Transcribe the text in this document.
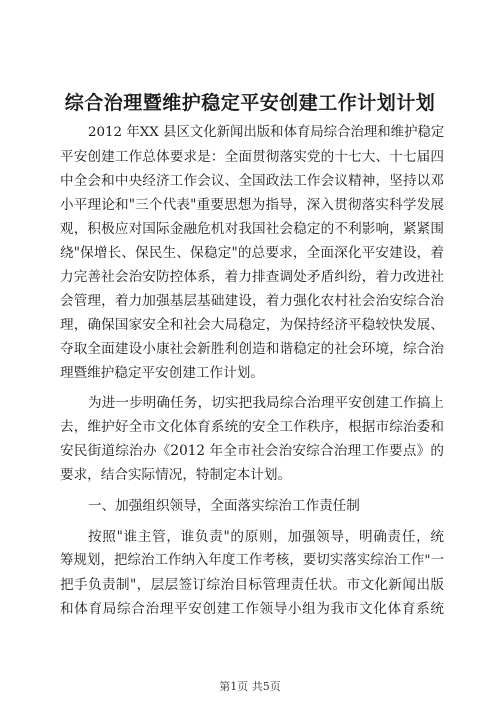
综合治理暨维护稳定平安创建工作计划计划
2012 年XX 县区文化新闻出版和体育局综合治理和维护稳定
平安创建工作总体要求是：全面贯彻落实党的十七大、十七届四
中全会和中央经济工作会议、全国政法工作会议精神，坚持以邓
小平理论和"三个代表"重要思想为指导，深入贯彻落实科学发展
观，积极应对国际金融危机对我国社会稳定的不利影响，紧紧围
绕"保增长、保民生、保稳定"的总要求，全面深化平安建设，着
力完善社会治安防控体系，着力排查调处矛盾纠纷，着力改进社
会管理，着力加强基层基础建设，着力强化农村社会治安综合治
理，确保国家安全和社会大局稳定，为保持经济平稳较快发展、
夺取全面建设小康社会新胜利创造和谐稳定的社会环境，综合治
理暨维护稳定平安创建工作计划。
为进一步明确任务，切实把我局综合治理平安创建工作搞上
去，维护好全市文化体育系统的安全工作秩序，根据市综治委和
安民街道综治办《2012 年全市社会治安综合治理工作要点》的
要求，结合实际情况，特制定本计划。
一、加强组织领导，全面落实综治工作责任制
按照"谁主管，谁负责"的原则，加强领导，明确责任，统
筹规划，把综治工作纳入年度工作考核，要切实落实综治工作"一
把手负责制"，层层签订综治目标管理责任状。市文化新闻出版
和体育局综合治理平安创建工作领导小组为我市文化体育系统
第1页 共5页
